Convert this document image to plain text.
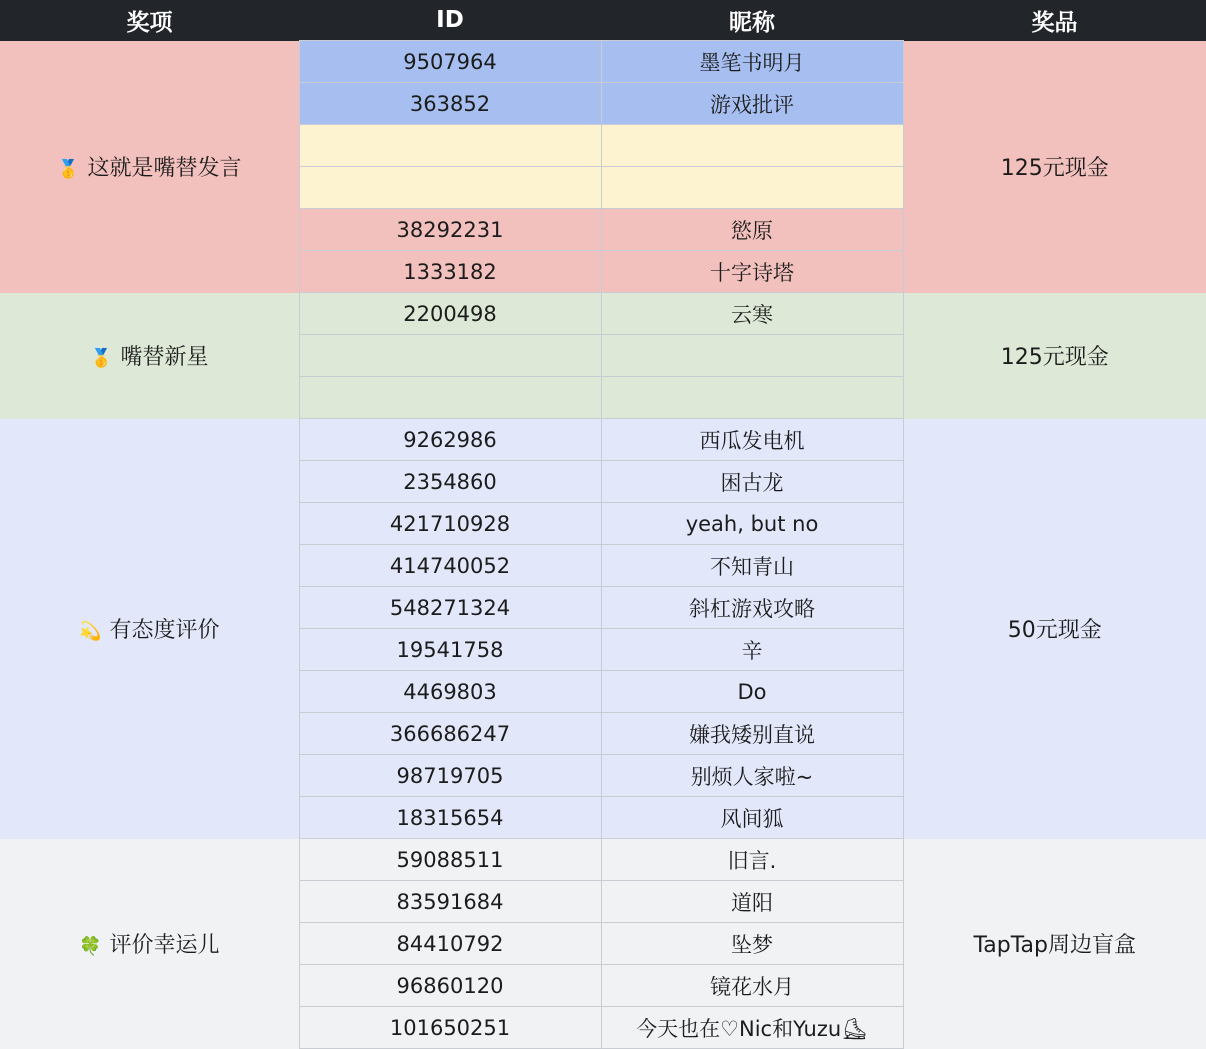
奖项	ID	昵称	奖品
🥇 这就是嘴替发言	9507964	墨笔书明月	125元现金
	363852	游戏批评	

	38292231	慾原	
	1333182	十字诗塔	
🥇 嘴替新星	2200498	云寒	125元现金

💫 有态度评价	9262986	西瓜发电机	50元现金
	2354860	困古龙	
	421710928	yeah, but no	
	414740052	不知青山	
	548271324	斜杠游戏攻略	
	19541758	辛	
	4469803	Do	
	366686247	嫌我矮别直说	
	98719705	别烦人家啦~	
	18315654	风间狐	
🍀 评价幸运儿	59088511	旧言.	TapTap周边盲盒
	83591684	道阳	
	84410792	坠梦	
	96860120	镜花水月	
	101650251	今天也在♡Nic和Yuzu⛸	
